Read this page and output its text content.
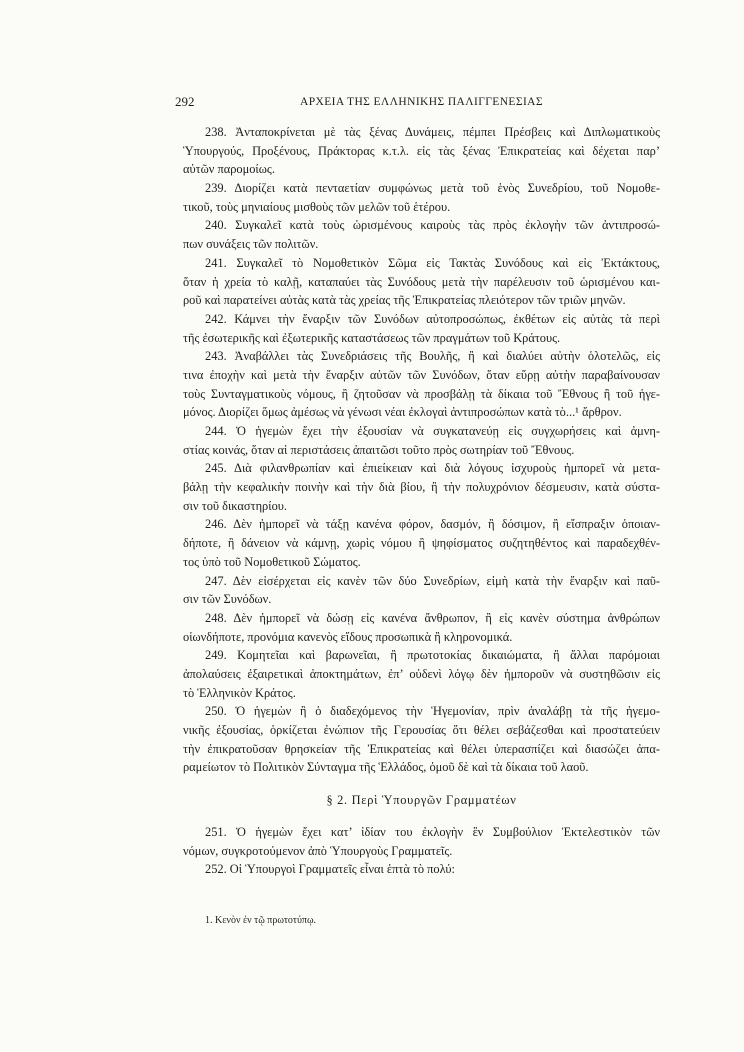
292	ΑΡΧΕΙΑ ΤΗΣ ΕΛΛΗΝΙΚΗΣ ΠΑΛΙΓΓΕΝΕΣΙΑΣ
238. Ἀνταποκρίνεται μὲ τὰς ξένας Δυνάμεις, πέμπει Πρέσβεις καὶ Διπλωματικοὺς
Ὑπουργούς, Προξένους, Πράκτορας κ.τ.λ. εἰς τὰς ξένας Ἐπικρατείας καὶ δέχεται παρ’
αὐτῶν παρομοίως.
239. Διορίζει κατὰ πενταετίαν συμφώνως μετὰ τοῦ ἑνὸς Συνεδρίου, τοῦ Νομοθε-
τικοῦ, τοὺς μηνιαίους μισθοὺς τῶν μελῶν τοῦ ἑτέρου.
240. Συγκαλεῖ κατὰ τοὺς ὡρισμένους καιροὺς τὰς πρὸς ἐκλογὴν τῶν ἀντιπροσώ-
πων συνάξεις τῶν πολιτῶν.
241. Συγκαλεῖ τὸ Νομοθετικὸν Σῶμα εἰς Τακτὰς Συνόδους καὶ εἰς Ἐκτάκτους,
ὅταν ἡ χρεία τὸ καλῇ, καταπαύει τὰς Συνόδους μετὰ τὴν παρέλευσιν τοῦ ὡρισμένου και-
ροῦ καὶ παρατείνει αὐτὰς κατὰ τὰς χρείας τῆς Ἐπικρατείας πλειότερον τῶν τριῶν μηνῶν.
242. Κάμνει τὴν ἔναρξιν τῶν Συνόδων αὐτοπροσώπως, ἐκθέτων εἰς αὐτὰς τὰ περὶ
τῆς ἐσωτερικῆς καὶ ἐξωτερικῆς καταστάσεως τῶν πραγμάτων τοῦ Κράτους.
243. Ἀναβάλλει τὰς Συνεδριάσεις τῆς Βουλῆς, ἢ καὶ διαλύει αὐτὴν ὁλοτελῶς, εἰς
τινα ἐποχὴν καὶ μετὰ τὴν ἔναρξιν αὐτῶν τῶν Συνόδων, ὅταν εὕρῃ αὐτὴν παραβαίνουσαν
τοὺς Συνταγματικοὺς νόμους, ἢ ζητοῦσαν νὰ προσβάλῃ τὰ δίκαια τοῦ Ἔθνους ἢ τοῦ ἡγε-
μόνος. Διορίζει ὅμως ἀμέσως νὰ γένωσι νέαι ἐκλογαὶ ἀντιπροσώπων κατὰ τὸ...¹ ἄρθρον.
244. Ὁ ἡγεμὼν ἔχει τὴν ἐξουσίαν νὰ συγκατανεύῃ εἰς συγχωρήσεις καὶ ἀμνη-
στίας κοινάς, ὅταν αἱ περιστάσεις ἀπαιτῶσι τοῦτο πρὸς σωτηρίαν τοῦ Ἔθνους.
245. Διὰ φιλανθρωπίαν καὶ ἐπιείκειαν καὶ διὰ λόγους ἰσχυροὺς ἠμπορεῖ νὰ μετα-
βάλῃ τὴν κεφαλικὴν ποινὴν καὶ τὴν διὰ βίου, ἢ τὴν πολυχρόνιον δέσμευσιν, κατὰ σύστα-
σιν τοῦ δικαστηρίου.
246. Δὲν ἠμπορεῖ νὰ τάξῃ κανένα φόρον, δασμόν, ἢ δόσιμον, ἢ εἴσπραξιν ὁποιαν-
δήποτε, ἢ δάνειον νὰ κάμνῃ, χωρὶς νόμου ἢ ψηφίσματος συζητηθέντος καὶ παραδεχθέν-
τος ὑπὸ τοῦ Νομοθετικοῦ Σώματος.
247. Δὲν εἰσέρχεται εἰς κανὲν τῶν δύο Συνεδρίων, εἰμὴ κατὰ τὴν ἔναρξιν καὶ παῦ-
σιν τῶν Συνόδων.
248. Δὲν ἠμπορεῖ νὰ δώσῃ εἰς κανένα ἄνθρωπον, ἢ εἰς κανὲν σύστημα ἀνθρώπων
οἱωνδήποτε, προνόμια κανενὸς εἴδους προσωπικὰ ἢ κληρονομικά.
249. Κομητεῖαι καὶ βαρωνεῖαι, ἢ πρωτοτοκίας δικαιώματα, ἢ ἄλλαι παρόμοιαι
ἀπολαύσεις ἐξαιρετικαὶ ἀποκτημάτων, ἐπ’ οὐδενὶ λόγῳ δὲν ἠμποροῦν νὰ συστηθῶσιν εἰς
τὸ Ἑλληνικὸν Κράτος.
250. Ὁ ἡγεμὼν ἢ ὁ διαδεχόμενος τὴν Ἡγεμονίαν, πρὶν ἀναλάβῃ τὰ τῆς ἡγεμο-
νικῆς ἐξουσίας, ὁρκίζεται ἐνώπιον τῆς Γερουσίας ὅτι θέλει σεβάζεσθαι καὶ προστατεύειν
τὴν ἐπικρατοῦσαν θρησκείαν τῆς Ἐπικρατείας καὶ θέλει ὑπερασπίζει καὶ διασώζει ἀπα-
ραμείωτον τὸ Πολιτικὸν Σύνταγμα τῆς Ἑλλάδος, ὁμοῦ δὲ καὶ τὰ δίκαια τοῦ λαοῦ.
§ 2. Περὶ Ὑπουργῶν Γραμματέων
251. Ὁ ἡγεμὼν ἔχει κατ’ ἰδίαν του ἐκλογὴν ἓν Συμβούλιον Ἐκτελεστικὸν τῶν
νόμων, συγκροτούμενον ἀπὸ Ὑπουργοὺς Γραμματεῖς.
252. Οἱ Ὑπουργοὶ Γραμματεῖς εἶναι ἑπτὰ τὸ πολύ:
1. Κενὸν ἐν τῷ πρωτοτύπῳ.
